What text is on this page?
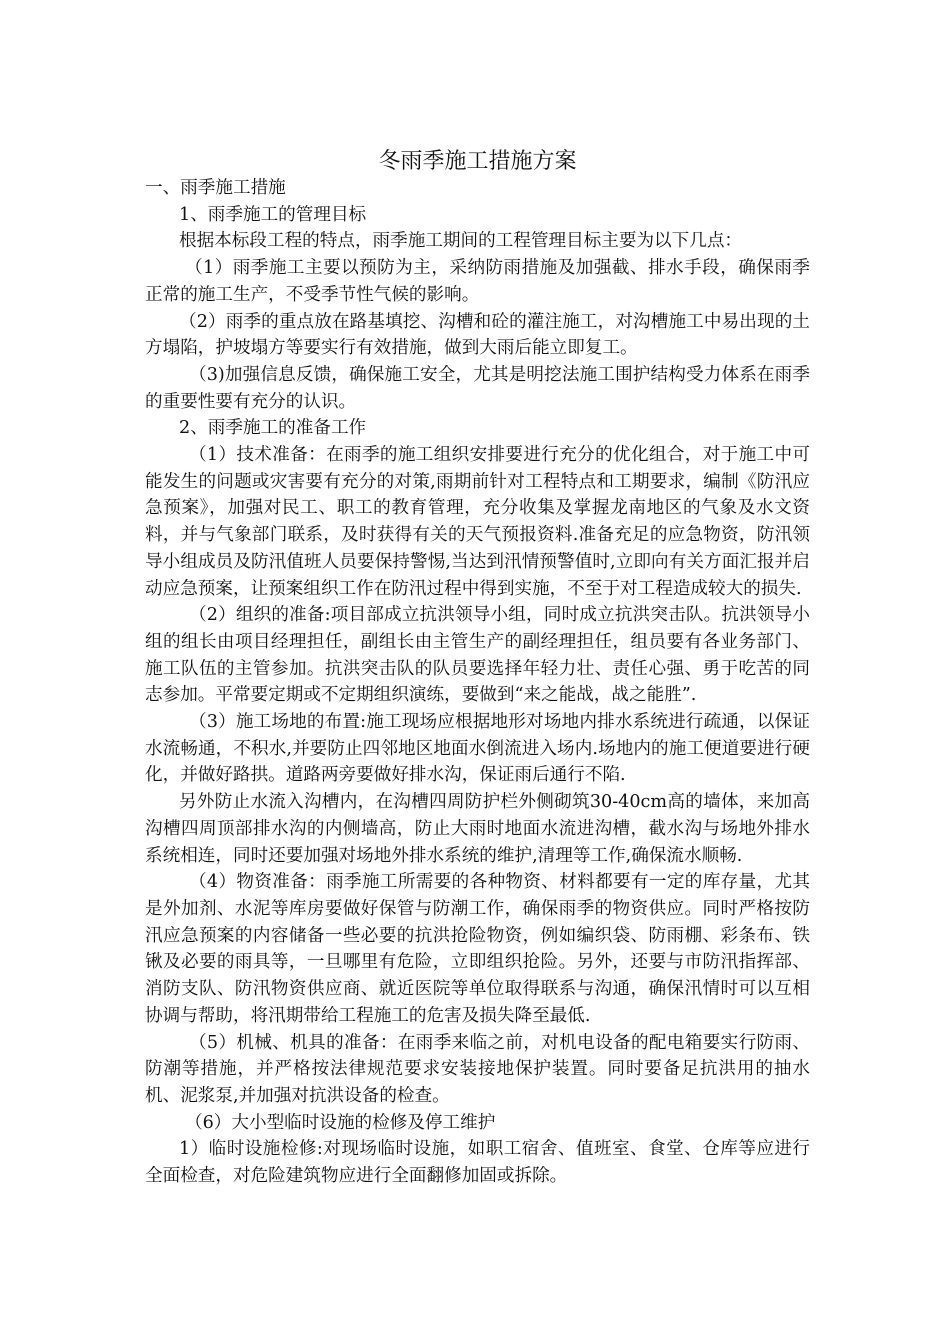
冬雨季施工措施方案

一、雨季施工措施

1、雨季施工的管理目标

根据本标段工程的特点，雨季施工期间的工程管理目标主要为以下几点：

（1）雨季施工主要以预防为主，采纳防雨措施及加强截、排水手段，确保雨季正常的施工生产，不受季节性气候的影响。

（2）雨季的重点放在路基填挖、沟槽和砼的灌注施工，对沟槽施工中易出现的土方塌陷，护坡塌方等要实行有效措施，做到大雨后能立即复工。

（3)加强信息反馈，确保施工安全，尤其是明挖法施工围护结构受力体系在雨季的重要性要有充分的认识。

2、雨季施工的准备工作

（1）技术准备：在雨季的施工组织安排要进行充分的优化组合，对于施工中可能发生的问题或灾害要有充分的对策,雨期前针对工程特点和工期要求，编制《防汛应急预案》，加强对民工、职工的教育管理，充分收集及掌握龙南地区的气象及水文资料，并与气象部门联系，及时获得有关的天气预报资料.准备充足的应急物资，防汛领导小组成员及防汛值班人员要保持警惕,当达到汛情预警值时,立即向有关方面汇报并启动应急预案，让预案组织工作在防汛过程中得到实施，不至于对工程造成较大的损失.

（2）组织的准备:项目部成立抗洪领导小组，同时成立抗洪突击队。抗洪领导小组的组长由项目经理担任，副组长由主管生产的副经理担任，组员要有各业务部门、施工队伍的主管参加。抗洪突击队的队员要选择年轻力壮、责任心强、勇于吃苦的同志参加。平常要定期或不定期组织演练，要做到“来之能战，战之能胜”.

（3）施工场地的布置:施工现场应根据地形对场地内排水系统进行疏通，以保证水流畅通，不积水,并要防止四邻地区地面水倒流进入场内.场地内的施工便道要进行硬化，并做好路拱。道路两旁要做好排水沟，保证雨后通行不陷.

另外防止水流入沟槽内，在沟槽四周防护栏外侧砌筑30-40cm高的墙体，来加高沟槽四周顶部排水沟的内侧墙高，防止大雨时地面水流进沟槽，截水沟与场地外排水系统相连，同时还要加强对场地外排水系统的维护,清理等工作,确保流水顺畅.

（4）物资准备：雨季施工所需要的各种物资、材料都要有一定的库存量，尤其是外加剂、水泥等库房要做好保管与防潮工作，确保雨季的物资供应。同时严格按防汛应急预案的内容储备一些必要的抗洪抢险物资，例如编织袋、防雨棚、彩条布、铁锹及必要的雨具等，一旦哪里有危险，立即组织抢险。另外，还要与市防汛指挥部、消防支队、防汛物资供应商、就近医院等单位取得联系与沟通，确保汛情时可以互相协调与帮助，将汛期带给工程施工的危害及损失降至最低.

（5）机械、机具的准备：在雨季来临之前，对机电设备的配电箱要实行防雨、防潮等措施，并严格按法律规范要求安装接地保护装置。同时要备足抗洪用的抽水机、泥浆泵,并加强对抗洪设备的检查。

（6）大小型临时设施的检修及停工维护

1）临时设施检修:对现场临时设施，如职工宿舍、值班室、食堂、仓库等应进行全面检查，对危险建筑物应进行全面翻修加固或拆除。
